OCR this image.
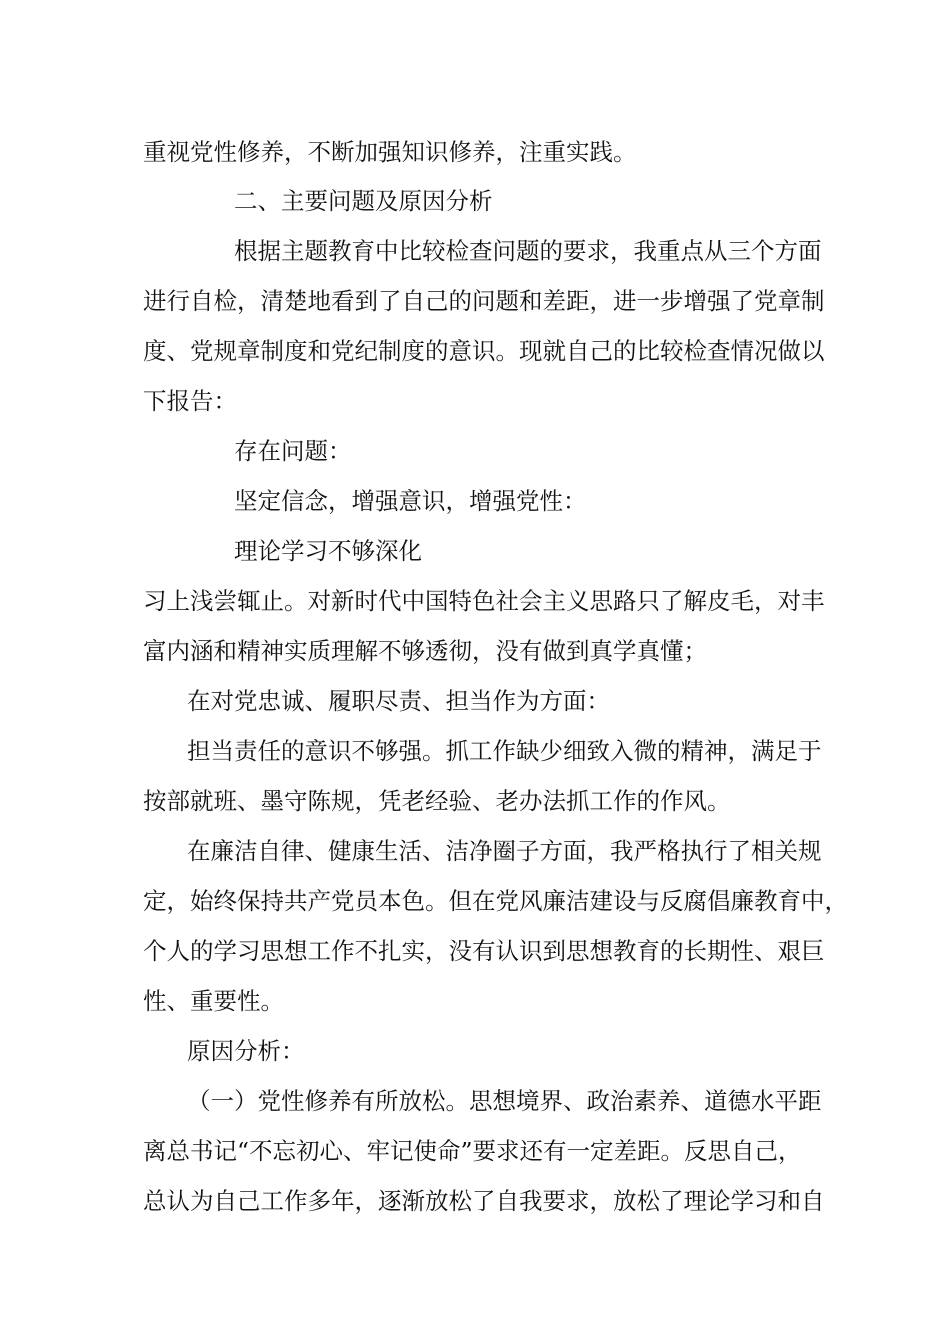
重视党性修养，不断加强知识修养，注重实践。
二、主要问题及原因分析
根据主题教育中比较检查问题的要求，我重点从三个方面
进行自检，清楚地看到了自己的问题和差距，进一步增强了党章制
度、党规章制度和党纪制度的意识。现就自己的比较检查情况做以
下报告：
存在问题：
坚定信念，增强意识，增强党性：
理论学习不够深化
习上浅尝辄止。对新时代中国特色社会主义思路只了解皮毛，对丰
富内涵和精神实质理解不够透彻，没有做到真学真懂；
在对党忠诚、履职尽责、担当作为方面：
担当责任的意识不够强。抓工作缺少细致入微的精神，满足于
按部就班、墨守陈规，凭老经验、老办法抓工作的作风。
在廉洁自律、健康生活、洁净圈子方面，我严格执行了相关规
定，始终保持共产党员本色。但在党风廉洁建设与反腐倡廉教育中，
个人的学习思想工作不扎实，没有认识到思想教育的长期性、艰巨
性、重要性。
原因分析：
（一）党性修养有所放松。思想境界、政治素养、道德水平距
离总书记“不忘初心、牢记使命”要求还有一定差距。反思自己，
总认为自己工作多年，逐渐放松了自我要求，放松了理论学习和自
